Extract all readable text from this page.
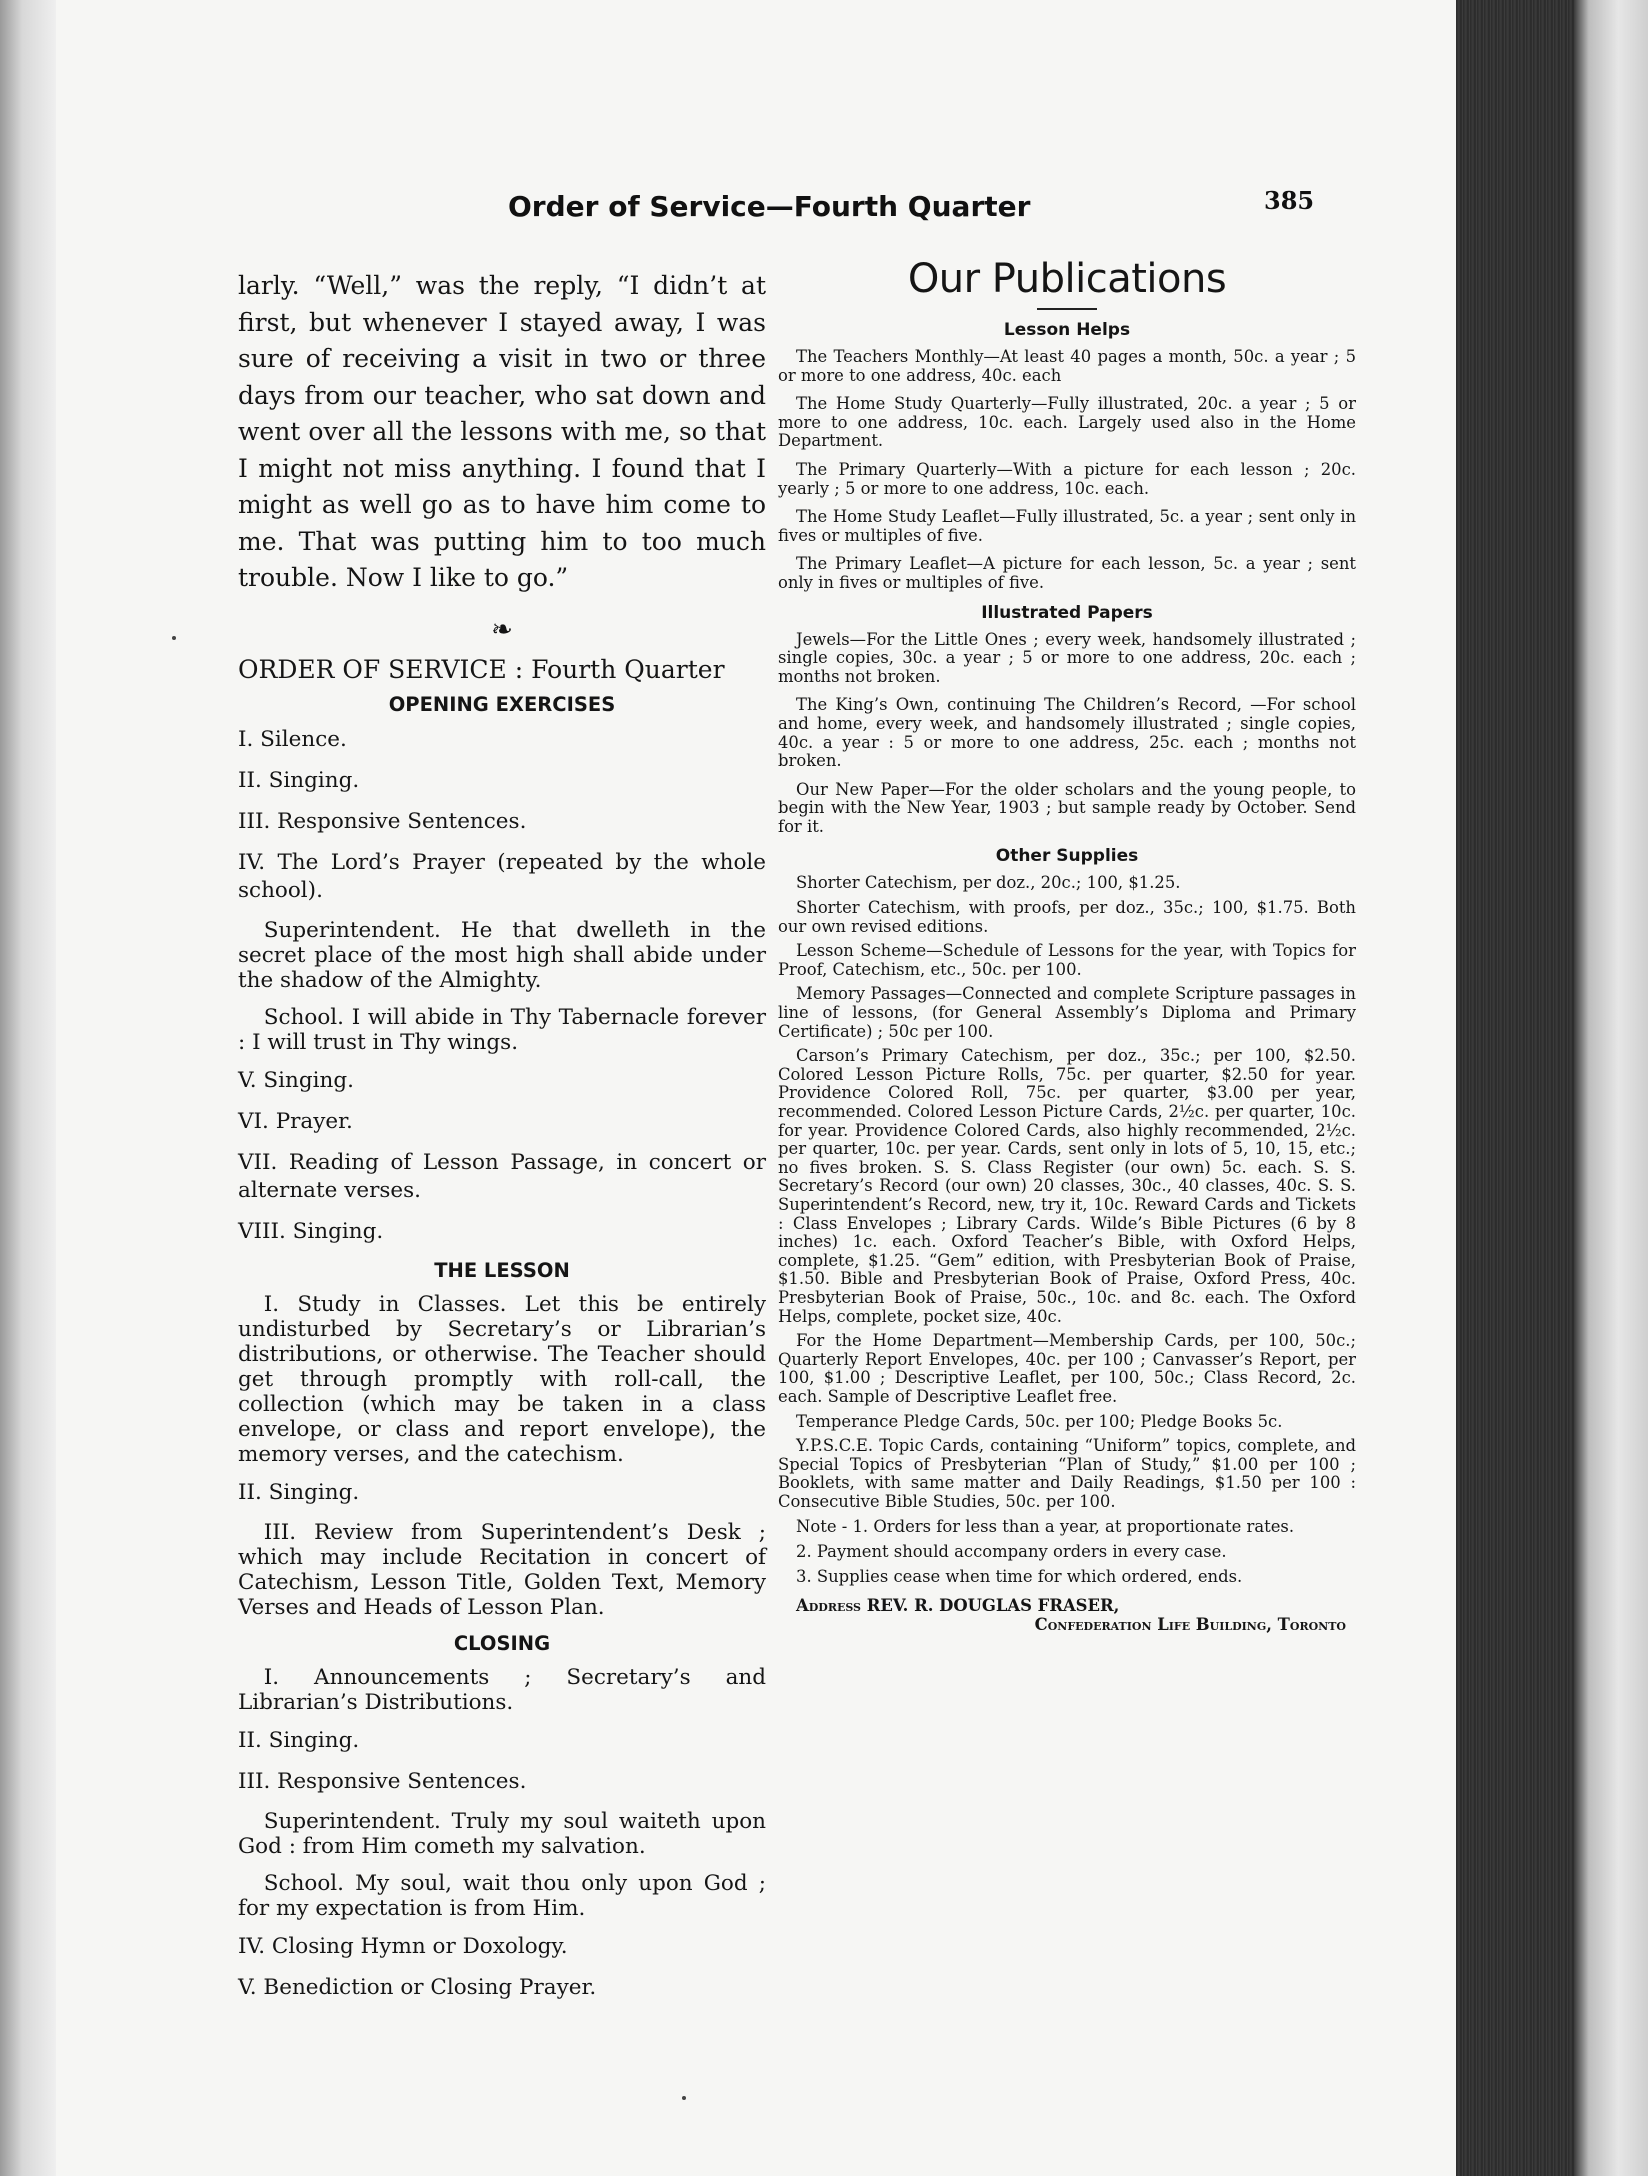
Order of Service—Fourth Quarter	385

larly. “Well,” was the reply, “I didn’t at first, but whenever I stayed away, I was sure of receiving a visit in two or three days from our teacher, who sat down and went over all the lessons with me, so that I might not miss anything. I found that I might as well go as to have him come to me. That was putting him to too much trouble. Now I like to go.”

❧

ORDER OF SERVICE : Fourth Quarter

OPENING EXERCISES

I. Silence.

II. Singing.

III. Responsive Sentences.

IV. The Lord’s Prayer (repeated by the whole school).

Superintendent. He that dwelleth in the secret place of the most high shall abide under the shadow of the Almighty.

School. I will abide in Thy Tabernacle forever : I will trust in Thy wings.

V. Singing.

VI. Prayer.

VII. Reading of Lesson Passage, in concert or alternate verses.

VIII. Singing.

THE LESSON

I. Study in Classes. Let this be entirely undisturbed by Secretary’s or Librarian’s distributions, or otherwise. The Teacher should get through promptly with roll-call, the collection (which may be taken in a class envelope, or class and report envelope), the memory verses, and the catechism.

II. Singing.

III. Review from Superintendent’s Desk ; which may include Recitation in concert of Catechism, Lesson Title, Golden Text, Memory Verses and Heads of Lesson Plan.

CLOSING

I. Announcements ; Secretary’s and Librarian’s Distributions.

II. Singing.

III. Responsive Sentences.

Superintendent. Truly my soul waiteth upon God : from Him cometh my salvation.

School. My soul, wait thou only upon God ; for my expectation is from Him.

IV. Closing Hymn or Doxology.

V. Benediction or Closing Prayer.

Our Publications

Lesson Helps

The Teachers Monthly—At least 40 pages a month, 50c. a year ; 5 or more to one address, 40c. each

The Home Study Quarterly—Fully illustrated, 20c. a year ; 5 or more to one address, 10c. each. Largely used also in the Home Department.

The Primary Quarterly—With a picture for each lesson ; 20c. yearly ; 5 or more to one address, 10c. each.

The Home Study Leaflet—Fully illustrated, 5c. a year ; sent only in fives or multiples of five.

The Primary Leaflet—A picture for each lesson, 5c. a year ; sent only in fives or multiples of five.

Illustrated Papers

Jewels—For the Little Ones ; every week, handsomely illustrated ; single copies, 30c. a year ; 5 or more to one address, 20c. each ; months not broken.

The King’s Own, continuing The Children’s Record, —For school and home, every week, and handsomely illustrated ; single copies, 40c. a year : 5 or more to one address, 25c. each ; months not broken.

Our New Paper—For the older scholars and the young people, to begin with the New Year, 1903 ; but sample ready by October. Send for it.

Other Supplies

Shorter Catechism, per doz., 20c.; 100, $1.25.

Shorter Catechism, with proofs, per doz., 35c.; 100, $1.75. Both our own revised editions.

Lesson Scheme—Schedule of Lessons for the year, with Topics for Proof, Catechism, etc., 50c. per 100.

Memory Passages—Connected and complete Scripture passages in line of lessons, (for General Assembly’s Diploma and Primary Certificate) ; 50c per 100.

Carson’s Primary Catechism, per doz., 35c.; per 100, $2.50. Colored Lesson Picture Rolls, 75c. per quarter, $2.50 for year. Providence Colored Roll, 75c. per quarter, $3.00 per year, recommended. Colored Lesson Picture Cards, 2½c. per quarter, 10c. for year. Providence Colored Cards, also highly recommended, 2½c. per quarter, 10c. per year. Cards, sent only in lots of 5, 10, 15, etc.; no fives broken. S. S. Class Register (our own) 5c. each. S. S. Secretary’s Record (our own) 20 classes, 30c., 40 classes, 40c. S. S. Superintendent’s Record, new, try it, 10c. Reward Cards and Tickets : Class Envelopes ; Library Cards. Wilde’s Bible Pictures (6 by 8 inches) 1c. each. Oxford Teacher’s Bible, with Oxford Helps, complete, $1.25. “Gem” edition, with Presbyterian Book of Praise, $1.50. Bible and Presbyterian Book of Praise, Oxford Press, 40c. Presbyterian Book of Praise, 50c., 10c. and 8c. each. The Oxford Helps, complete, pocket size, 40c.

For the Home Department—Membership Cards, per 100, 50c.; Quarterly Report Envelopes, 40c. per 100 ; Canvasser’s Report, per 100, $1.00 ; Descriptive Leaflet, per 100, 50c.; Class Record, 2c. each. Sample of Descriptive Leaflet free.

Temperance Pledge Cards, 50c. per 100; Pledge Books 5c.

Y.P.S.C.E. Topic Cards, containing “Uniform” topics, complete, and Special Topics of Presbyterian “Plan of Study,” $1.00 per 100 ; Booklets, with same matter and Daily Readings, $1.50 per 100 : Consecutive Bible Studies, 50c. per 100.

Note - 1. Orders for less than a year, at proportionate rates.

2. Payment should accompany orders in every case.

3. Supplies cease when time for which ordered, ends.

Address REV. R. DOUGLAS FRASER,

Confederation Life Building, Toronto
